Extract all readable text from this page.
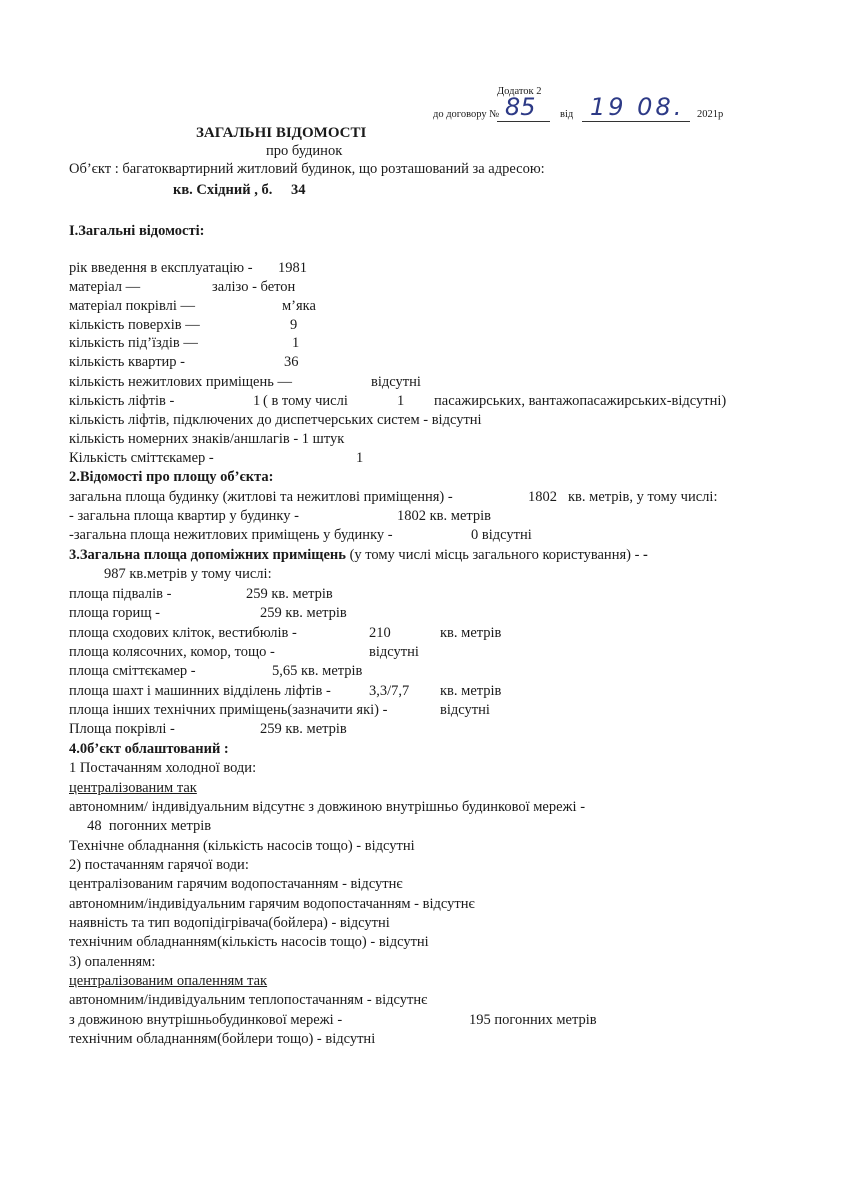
Додаток 2
до договору № 85 від 19 08. 2021р
ЗАГАЛЬНІ ВІДОМОСТІ
про будинок
Об’єкт : багатоквартирний житловий будинок, що розташований за адресою:
кв. Східний , б. 34
І.Загальні відомості:
рік введення в експлуатацію - 1981
матеріал —	залізо - бетон
матеріал покрівлі —	м’яка
кількість поверхів —	9
кількість під’їздів —	1
кількість квартир -	36
кількість нежитлових приміщень —	відсутні
кількість ліфтів -	1 ( в тому числі	1 пасажирських, вантажопасажирських-відсутні)
кількість ліфтів, підключених до диспетчерських систем - відсутні
кількість номерних знаків/аншлагів - 1 штук
Кількість сміттєкамер -	1
2.Відомості про площу об’єкта:
загальна площа будинку (житлові та нежитлові приміщення) -	1802 кв. метрів, у тому числі:
- загальна площа квартир у будинку -	1802 кв. метрів
-загальна площа нежитлових приміщень у будинку -	0 відсутні
3.Загальна площа допоміжних приміщень (у тому числі місць загального користування) - -
987 кв.метрів у тому числі:
площа підвалів -	259 кв. метрів
площа горищ -	259 кв. метрів
площа сходових кліток, вестибюлів -	210	кв. метрів
площа колясочних, комор, тощо -	відсутні
площа сміттєкамер -	5,65 кв. метрів
площа шахт і машинних відділень ліфтів -	3,3/7,7 кв. метрів
площа інших технічних приміщень(зазначити які) -	відсутні
Площа покрівлі -	259 кв. метрів
4.0б’єкт облаштований :
1 Постачанням холодної води:
централізованим так
автономним/ індивідуальним відсутнє з довжиною внутрішньо будинкової мережі -
48  погонних метрів
Технічне обладнання (кількість насосів тощо) - відсутні
2) постачанням гарячої води:
централізованим гарячим водопостачанням - відсутнє
автономним/індивідуальним гарячим водопостачанням - відсутнє
наявність та тип водопідігрівача(бойлера) - відсутні
технічним обладнанням(кількість насосів тощо) - відсутні
3) опаленням:
централізованим опаленням так
автономним/індивідуальним теплопостачанням - відсутнє
з довжиною внутрішньобудинкової мережі -	195 погонних метрів
технічним обладнанням(бойлери тощо) - відсутні
